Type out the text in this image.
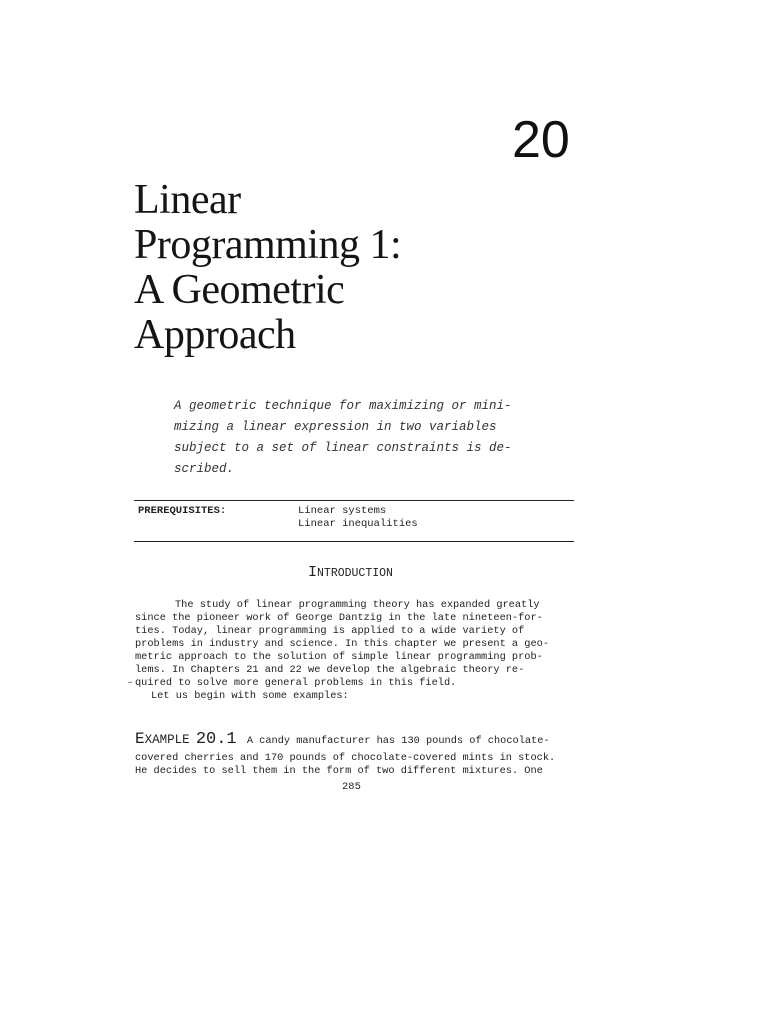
20
Linear
Programming 1:
A Geometric
Approach
A geometric technique for maximizing or mini-
mizing a linear expression in two variables
subject to a set of linear constraints is de-
scribed.
PREREQUISITES:	Linear systems
Linear inequalities
INTRODUCTION
The study of linear programming theory has expanded greatly
since the pioneer work of George Dantzig in the late nineteen-for-
ties. Today, linear programming is applied to a wide variety of
problems in industry and science. In this chapter we present a geo-
metric approach to the solution of simple linear programming prob-
lems. In Chapters 21 and 22 we develop the algebraic theory re-
quired to solve more general problems in this field.
Let us begin with some examples:
–
EXAMPLE 20.1 A candy manufacturer has 130 pounds of chocolate-
covered cherries and 170 pounds of chocolate-covered mints in stock.
He decides to sell them in the form of two different mixtures. One
285
